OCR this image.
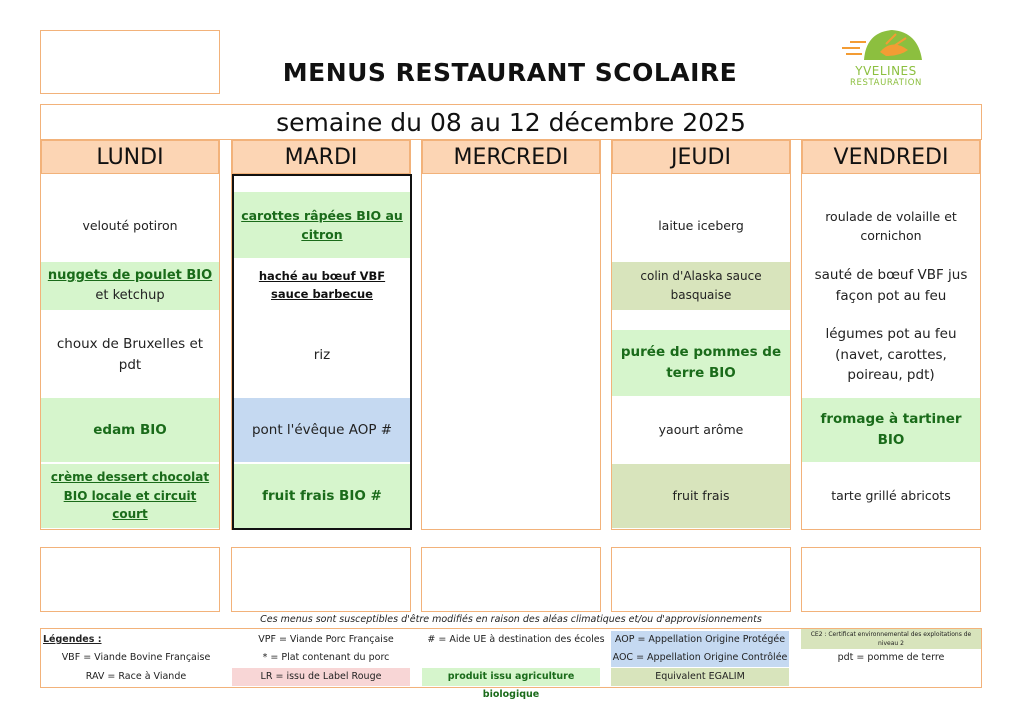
MENUS RESTAURANT SCOLAIRE	YVELINES
RESTAURATION
semaine du 08 au 12 décembre 2025
LUNDI
velouté potiron
nuggets de poulet BIO
et ketchup
choux de Bruxelles et pdt
edam BIO
crème dessert chocolat BIO locale et circuit court
MARDI
carottes râpées BIO au citron
haché au bœuf VBF sauce barbecue
riz
pont l'évêque AOP #
fruit frais BIO #
MERCREDI	JEUDI
laitue iceberg
colin d'Alaska sauce basquaise
purée de pommes de terre BIO
yaourt arôme
fruit frais
VENDREDI
roulade de volaille et cornichon
sauté de bœuf VBF jus façon pot au feu
légumes pot au feu (navet, carottes, poireau, pdt)
fromage à tartiner BIO
tarte grillé abricots
Ces menus sont susceptibles d'être modifiés en raison des aléas climatiques et/ou d'approvisionnements
Légendes :
VBF = Viande Bovine Française
RAV = Race à Viande
VPF = Viande Porc Française
* = Plat contenant du porc
LR = issu de Label Rouge
# = Aide UE à destination des écoles
produit issu agriculture biologique
AOP = Appellation Origine Protégée
AOC = Appellation Origine Contrôlée
Equivalent EGALIM
CE2 : Certificat environnemental des exploitations de niveau 2
pdt = pomme de terre
